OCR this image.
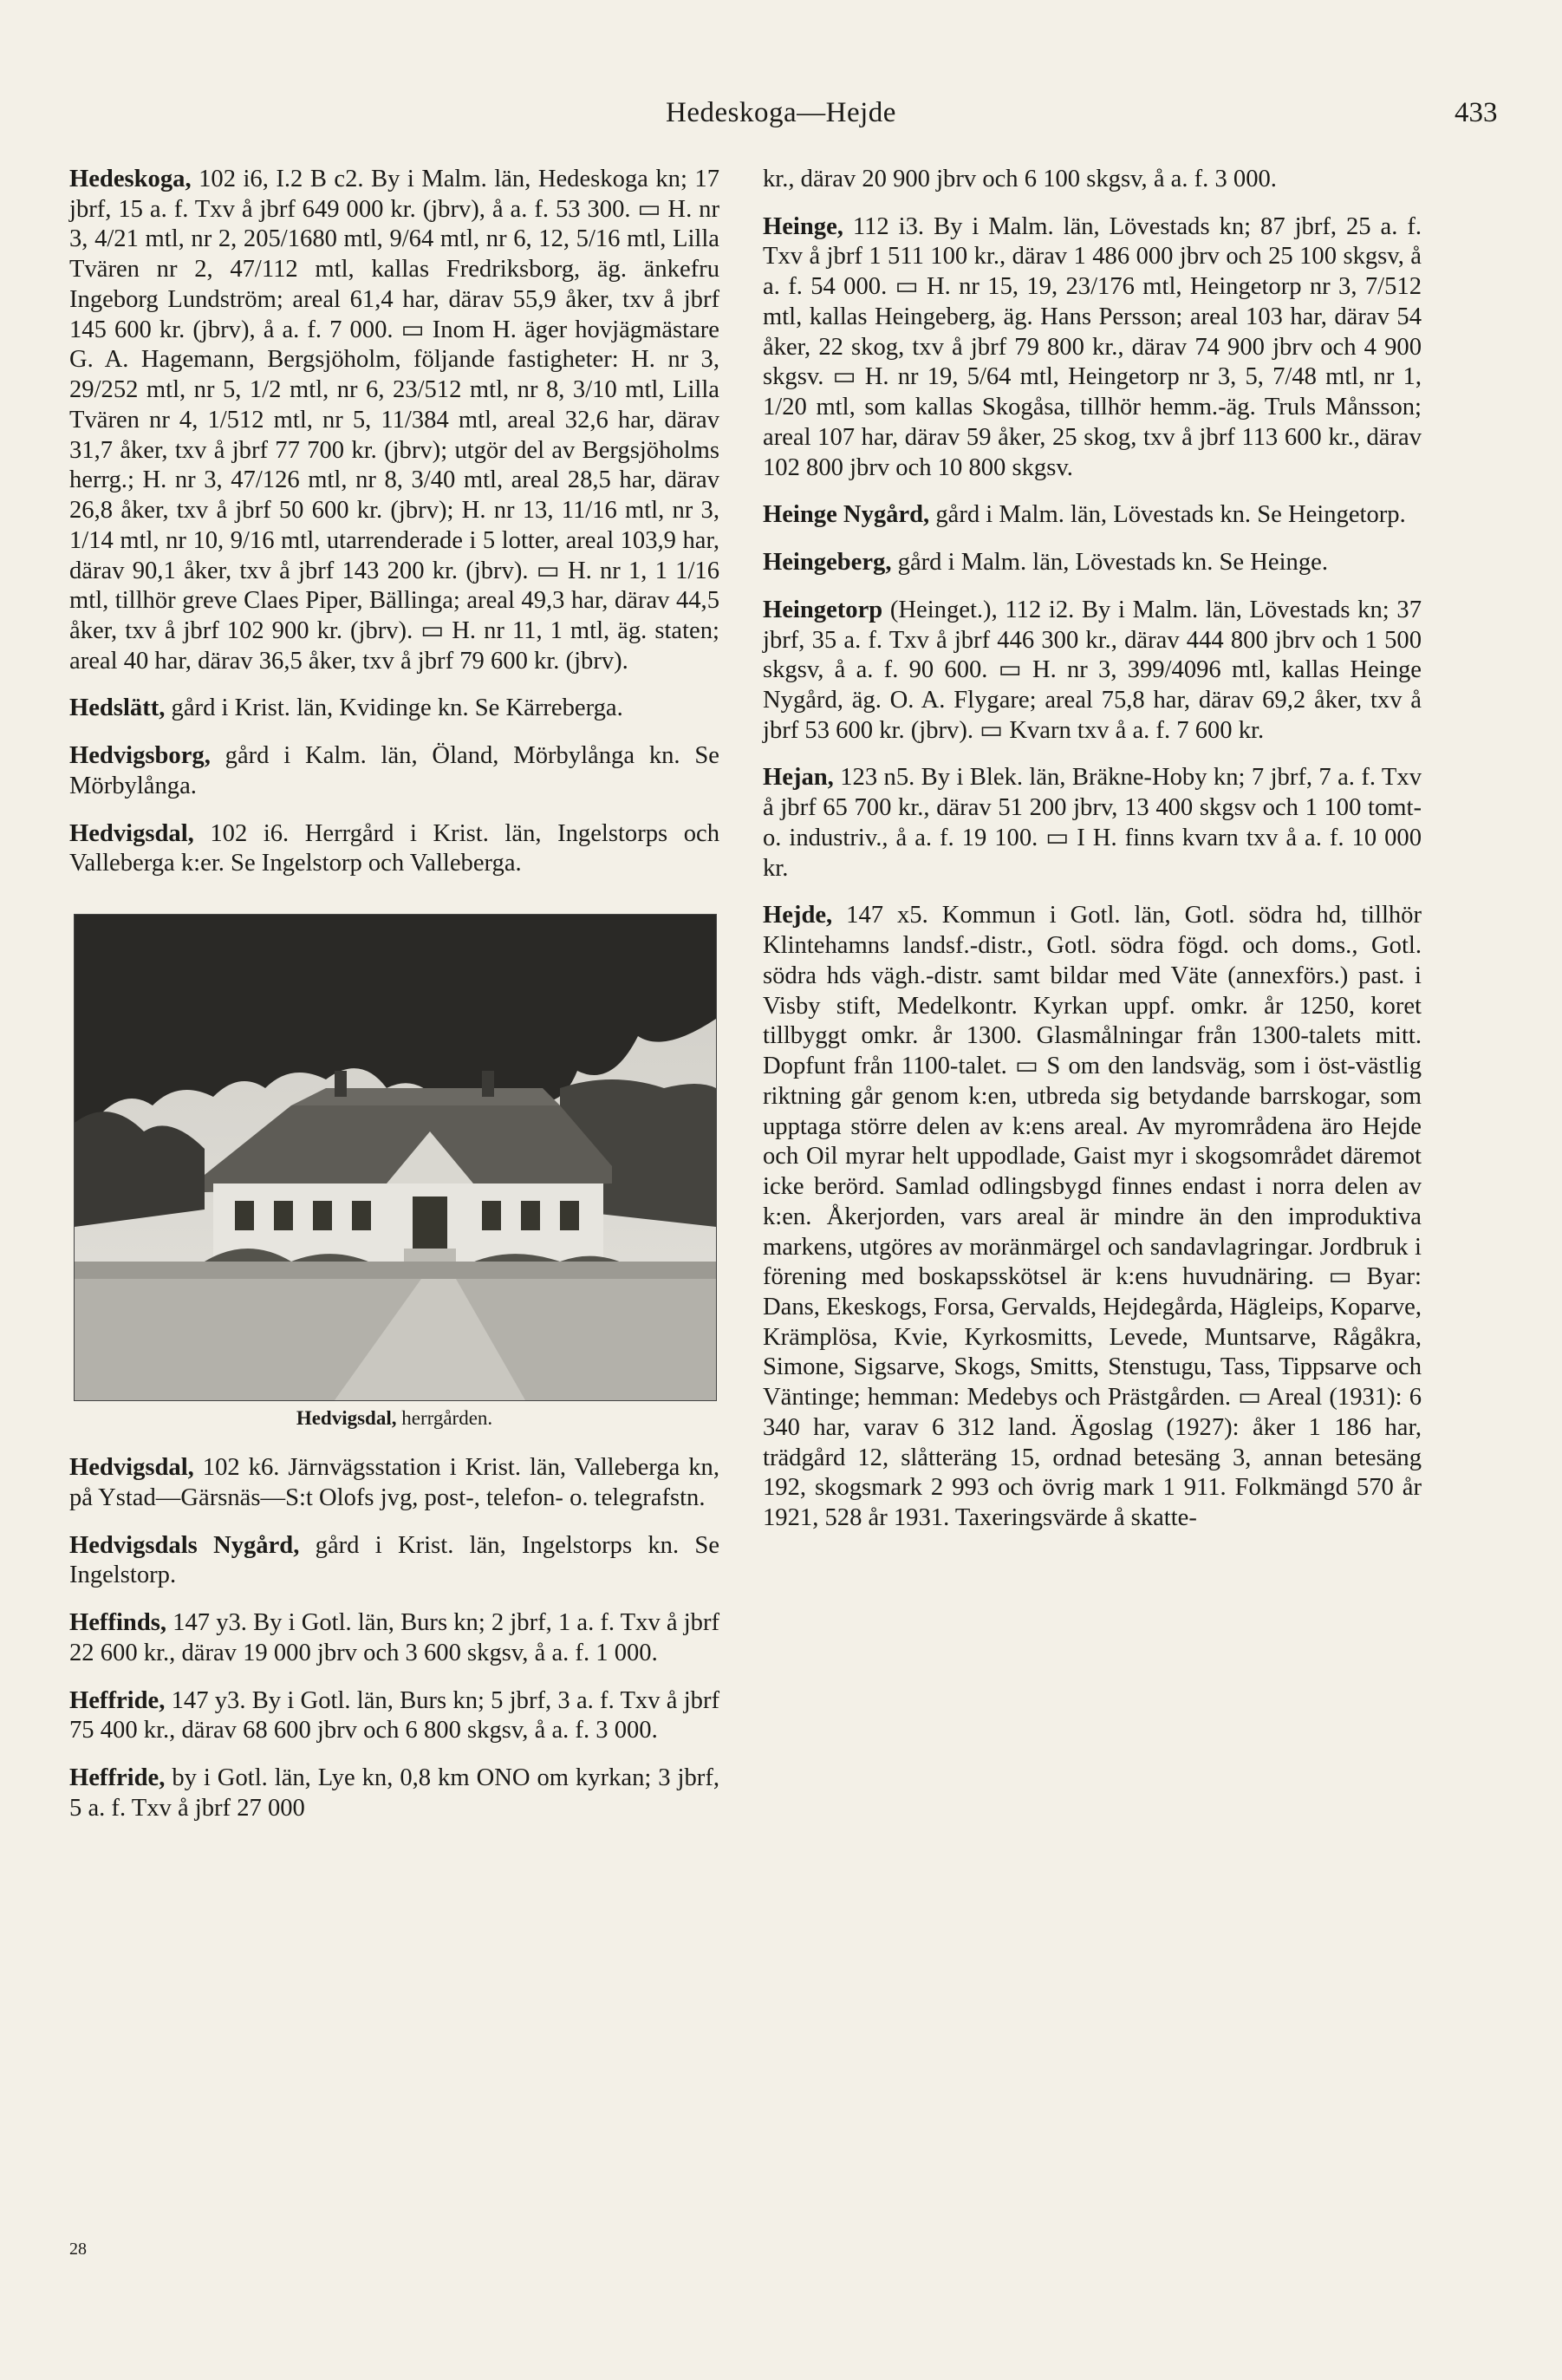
Hedeskoga—Hejde	433

Hedeskoga, 102 i6, I.2 B c2. By i Malm. län, Hedeskoga kn; 17 jbrf, 15 a. f. Txv å jbrf 649 000 kr. (jbrv), å a. f. 53 300. ▭ H. nr 3, 4/21 mtl, nr 2, 205/1680 mtl, 9/64 mtl, nr 6, 12, 5/16 mtl, Lilla Tvären nr 2, 47/112 mtl, kallas Fredriksborg, äg. änkefru Ingeborg Lundström; areal 61,4 har, därav 55,9 åker, txv å jbrf 145 600 kr. (jbrv), å a. f. 7 000. ▭ Inom H. äger hovjägmästare G. A. Hagemann, Bergsjöholm, följande fastigheter: H. nr 3, 29/252 mtl, nr 5, 1/2 mtl, nr 6, 23/512 mtl, nr 8, 3/10 mtl, Lilla Tvären nr 4, 1/512 mtl, nr 5, 11/384 mtl, areal 32,6 har, därav 31,7 åker, txv å jbrf 77 700 kr. (jbrv); utgör del av Bergsjöholms herrg.; H. nr 3, 47/126 mtl, nr 8, 3/40 mtl, areal 28,5 har, därav 26,8 åker, txv å jbrf 50 600 kr. (jbrv); H. nr 13, 11/16 mtl, nr 3, 1/14 mtl, nr 10, 9/16 mtl, utarrenderade i 5 lotter, areal 103,9 har, därav 90,1 åker, txv å jbrf 143 200 kr. (jbrv). ▭ H. nr 1, 1 1/16 mtl, tillhör greve Claes Piper, Bällinga; areal 49,3 har, därav 44,5 åker, txv å jbrf 102 900 kr. (jbrv). ▭ H. nr 11, 1 mtl, äg. staten; areal 40 har, därav 36,5 åker, txv å jbrf 79 600 kr. (jbrv).

Hedslätt, gård i Krist. län, Kvidinge kn. Se Kärreberga.

Hedvigsborg, gård i Kalm. län, Öland, Mörbylånga kn. Se Mörbylånga.

Hedvigsdal, 102 i6. Herrgård i Krist. län, Ingelstorps och Valleberga k:er. Se Ingelstorp och Valleberga.

Hedvigsdal, herrgården.

Hedvigsdal, 102 k6. Järnvägsstation i Krist. län, Valleberga kn, på Ystad—Gärsnäs—S:t Olofs jvg, post-, telefon- o. telegrafstn.

Hedvigsdals Nygård, gård i Krist. län, Ingelstorps kn. Se Ingelstorp.

Heffinds, 147 y3. By i Gotl. län, Burs kn; 2 jbrf, 1 a. f. Txv å jbrf 22 600 kr., därav 19 000 jbrv och 3 600 skgsv, å a. f. 1 000.

Heffride, 147 y3. By i Gotl. län, Burs kn; 5 jbrf, 3 a. f. Txv å jbrf 75 400 kr., därav 68 600 jbrv och 6 800 skgsv, å a. f. 3 000.

Heffride, by i Gotl. län, Lye kn, 0,8 km ONO om kyrkan; 3 jbrf, 5 a. f. Txv å jbrf 27 000

kr., därav 20 900 jbrv och 6 100 skgsv, å a. f. 3 000.

Heinge, 112 i3. By i Malm. län, Lövestads kn; 87 jbrf, 25 a. f. Txv å jbrf 1 511 100 kr., därav 1 486 000 jbrv och 25 100 skgsv, å a. f. 54 000. ▭ H. nr 15, 19, 23/176 mtl, Heingetorp nr 3, 7/512 mtl, kallas Heingeberg, äg. Hans Persson; areal 103 har, därav 54 åker, 22 skog, txv å jbrf 79 800 kr., därav 74 900 jbrv och 4 900 skgsv. ▭ H. nr 19, 5/64 mtl, Heingetorp nr 3, 5, 7/48 mtl, nr 1, 1/20 mtl, som kallas Skogåsa, tillhör hemm.-äg. Truls Månsson; areal 107 har, därav 59 åker, 25 skog, txv å jbrf 113 600 kr., därav 102 800 jbrv och 10 800 skgsv.

Heinge Nygård, gård i Malm. län, Lövestads kn. Se Heingetorp.

Heingeberg, gård i Malm. län, Lövestads kn. Se Heinge.

Heingetorp (Heinget.), 112 i2. By i Malm. län, Lövestads kn; 37 jbrf, 35 a. f. Txv å jbrf 446 300 kr., därav 444 800 jbrv och 1 500 skgsv, å a. f. 90 600. ▭ H. nr 3, 399/4096 mtl, kallas Heinge Nygård, äg. O. A. Flygare; areal 75,8 har, därav 69,2 åker, txv å jbrf 53 600 kr. (jbrv). ▭ Kvarn txv å a. f. 7 600 kr.

Hejan, 123 n5. By i Blek. län, Bräkne-Hoby kn; 7 jbrf, 7 a. f. Txv å jbrf 65 700 kr., därav 51 200 jbrv, 13 400 skgsv och 1 100 tomt- o. industriv., å a. f. 19 100. ▭ I H. finns kvarn txv å a. f. 10 000 kr.

Hejde, 147 x5. Kommun i Gotl. län, Gotl. södra hd, tillhör Klintehamns landsf.-distr., Gotl. södra fögd. och doms., Gotl. södra hds vägh.-distr. samt bildar med Väte (annexförs.) past. i Visby stift, Medelkontr. Kyrkan uppf. omkr. år 1250, koret tillbyggt omkr. år 1300. Glasmålningar från 1300-talets mitt. Dopfunt från 1100-talet. ▭ S om den landsväg, som i öst-västlig riktning går genom k:en, utbreda sig betydande barrskogar, som upptaga större delen av k:ens areal. Av myrområdena äro Hejde och Oil myrar helt uppodlade, Gaist myr i skogsområdet däremot icke berörd. Samlad odlingsbygd finnes endast i norra delen av k:en. Åkerjorden, vars areal är mindre än den improduktiva markens, utgöres av moränmärgel och sandavlagringar. Jordbruk i förening med boskapsskötsel är k:ens huvudnäring. ▭ Byar: Dans, Ekeskogs, Forsa, Gervalds, Hejdegårda, Hägleips, Koparve, Krämplösa, Kvie, Kyrkosmitts, Levede, Muntsarve, Rågåkra, Simone, Sigsarve, Skogs, Smitts, Stenstugu, Tass, Tippsarve och Väntinge; hemman: Medebys och Prästgården. ▭ Areal (1931): 6 340 har, varav 6 312 land. Ägoslag (1927): åker 1 186 har, trädgård 12, slåtteräng 15, ordnad betesäng 3, annan betesäng 192, skogsmark 2 993 och övrig mark 1 911. Folkmängd 570 år 1921, 528 år 1931. Taxeringsvärde å skatte-

28
